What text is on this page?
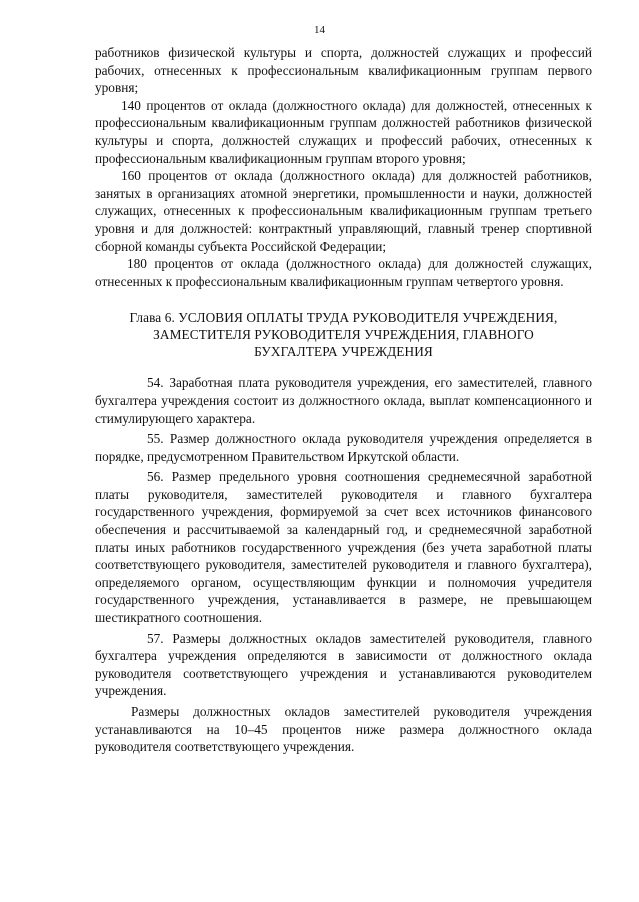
14

работников физической культуры и спорта, должностей служащих и профессий рабочих, отнесенных к профессиональным квалификационным группам первого уровня;

140 процентов от оклада (должностного оклада) для должностей, отнесенных к профессиональным квалификационным группам должностей работников физической культуры и спорта, должностей служащих и профессий рабочих, отнесенных к профессиональным квалификационным группам второго уровня;

160 процентов от оклада (должностного оклада) для должностей работников, занятых в организациях атомной энергетики, промышленности и науки, должностей служащих, отнесенных к профессиональным квалификационным группам третьего уровня и для должностей: контрактный управляющий, главный тренер спортивной сборной команды субъекта Российской Федерации;

180 процентов от оклада (должностного оклада) для должностей служащих, отнесенных к профессиональным квалификационным группам четвертого уровня.

Глава 6. УСЛОВИЯ ОПЛАТЫ ТРУДА РУКОВОДИТЕЛЯ УЧРЕЖДЕНИЯ,
ЗАМЕСТИТЕЛЯ РУКОВОДИТЕЛЯ УЧРЕЖДЕНИЯ, ГЛАВНОГО
БУХГАЛТЕРА УЧРЕЖДЕНИЯ

54. Заработная плата руководителя учреждения, его заместителей, главного бухгалтера учреждения состоит из должностного оклада, выплат компенсационного и стимулирующего характера.

55. Размер должностного оклада руководителя учреждения определяется в порядке, предусмотренном Правительством Иркутской области.

56. Размер предельного уровня соотношения среднемесячной заработной платы руководителя, заместителей руководителя и главного бухгалтера государственного учреждения, формируемой за счет всех источников финансового обеспечения и рассчитываемой за календарный год, и среднемесячной заработной платы иных работников государственного учреждения (без учета заработной платы соответствующего руководителя, заместителей руководителя и главного бухгалтера), определяемого органом, осуществляющим функции и полномочия учредителя государственного учреждения, устанавливается в размере, не превышающем шестикратного соотношения.

57. Размеры должностных окладов заместителей руководителя, главного бухгалтера учреждения определяются в зависимости от должностного оклада руководителя соответствующего учреждения и устанавливаются руководителем учреждения.

Размеры должностных окладов заместителей руководителя учреждения устанавливаются на 10–45 процентов ниже размера должностного оклада руководителя соответствующего учреждения.
